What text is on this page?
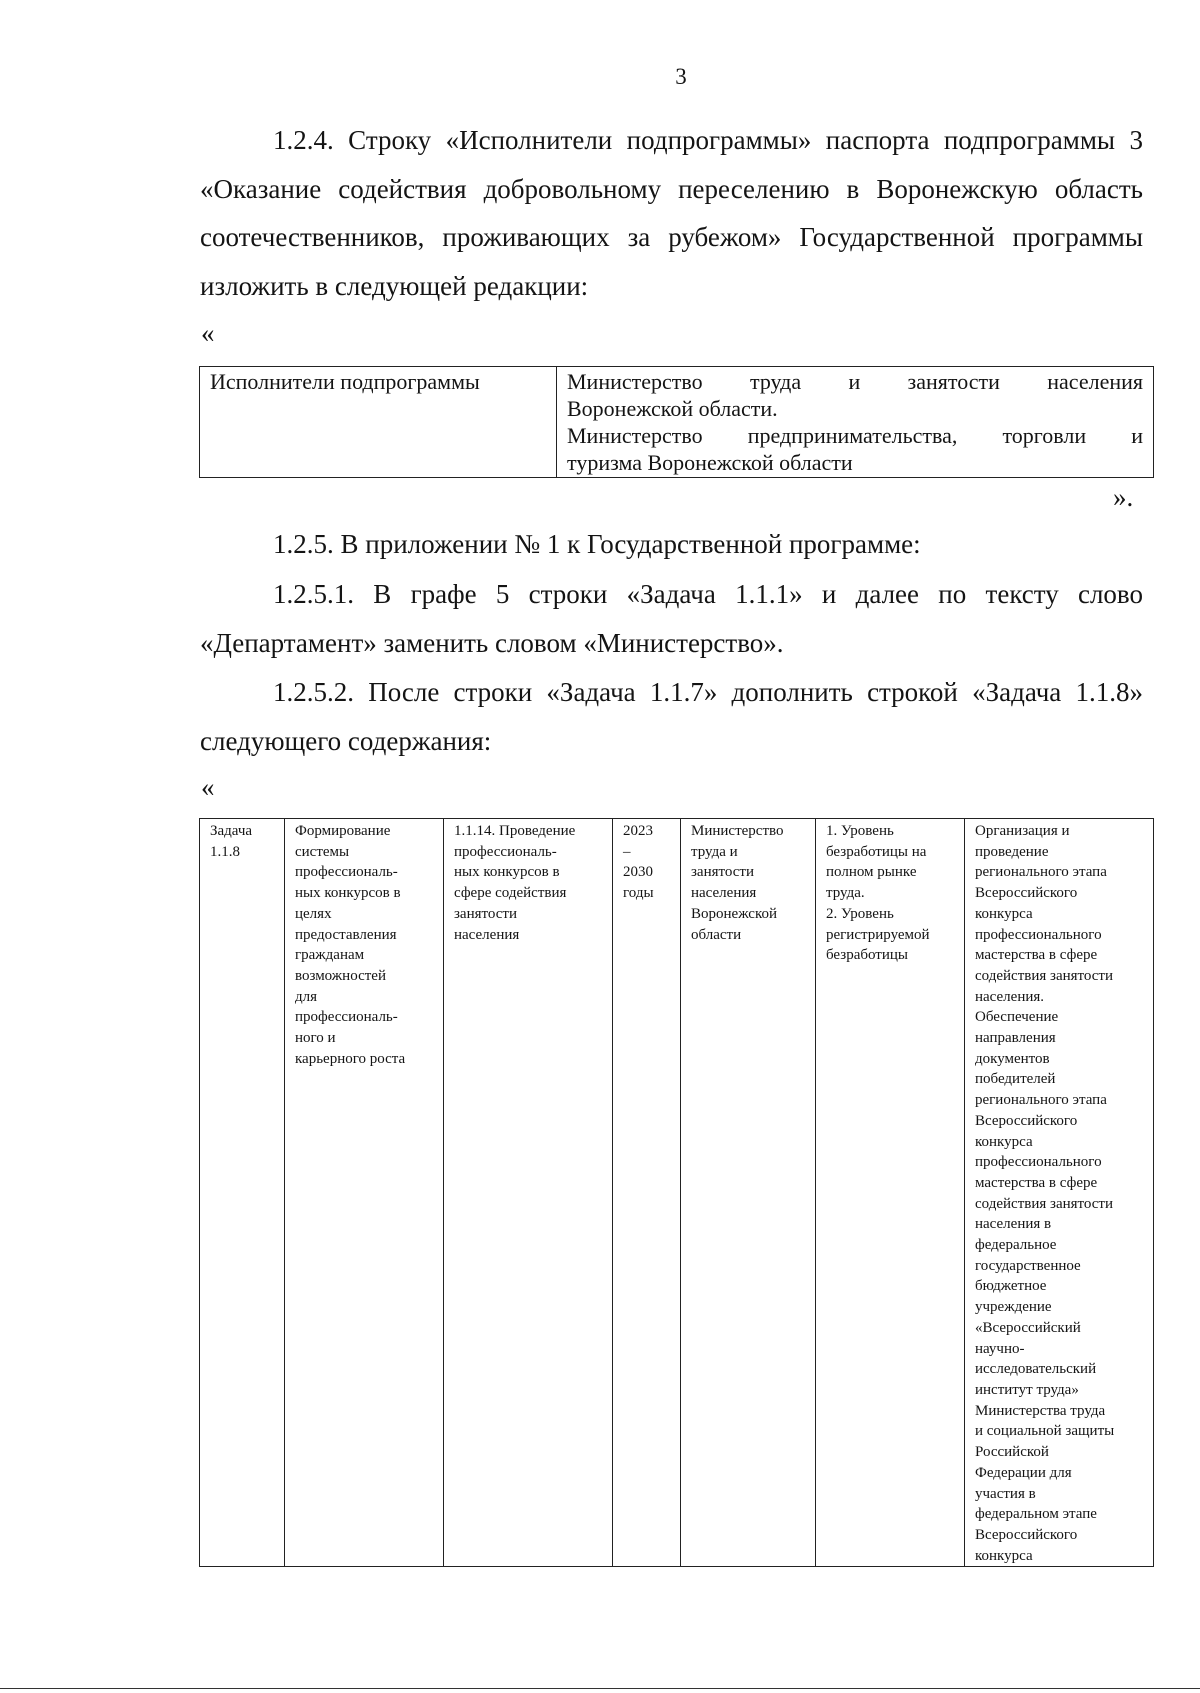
3

1.2.4. Строку «Исполнители подпрограммы» паспорта подпрограммы 3 «Оказание содействия добровольному переселению в Воронежскую область соотечественников, проживающих за рубежом» Государственной программы изложить в следующей редакции:

«
Исполнители подпрограммы	Министерство труда и занятости населения
Воронежской области.
Министерство предпринимательства, торговли и
туризма Воронежской области
».

1.2.5. В приложении № 1 к Государственной программе:

1.2.5.1. В графе 5 строки «Задача 1.1.1» и далее по тексту слово «Департамент» заменить словом «Министерство».

1.2.5.2. После строки «Задача 1.1.7» дополнить строкой «Задача 1.1.8» следующего содержания:

«
Задача
1.1.8

Формирование
системы
профессиональ-
ных конкурсов в
целях
предоставления
гражданам
возможностей
для
профессиональ-
ного и
карьерного роста

1.1.14. Проведение
профессиональ-
ных конкурсов в
сфере содействия
занятости
населения

2023
–
2030
годы

Министерство
труда и
занятости
населения
Воронежской
области

1. Уровень
безработицы на
полном рынке
труда.
2. Уровень
регистрируемой
безработицы

Организация и
проведение
регионального этапа
Всероссийского
конкурса
профессионального
мастерства в сфере
содействия занятости
населения.
Обеспечение
направления
документов
победителей
регионального этапа
Всероссийского
конкурса
профессионального
мастерства в сфере
содействия занятости
населения в
федеральное
государственное
бюджетное
учреждение
«Всероссийский
научно-
исследовательский
институт труда»
Министерства труда
и социальной защиты
Российской
Федерации для
участия в
федеральном этапе
Всероссийского
конкурса
